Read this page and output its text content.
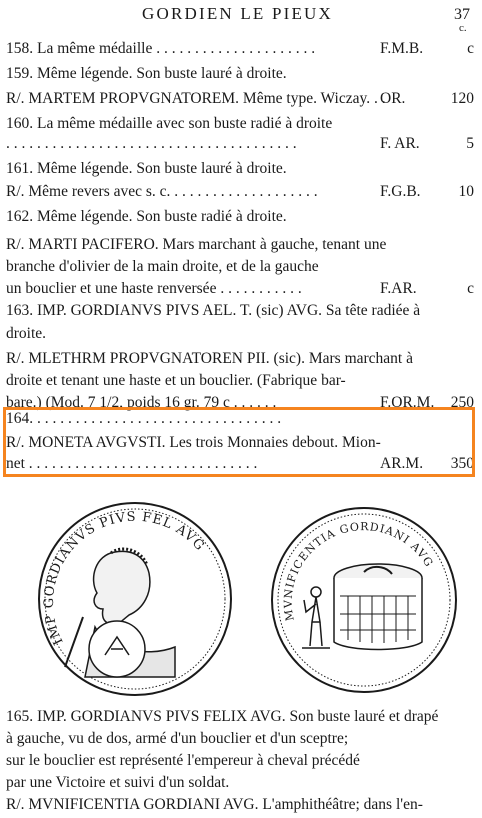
GORDIEN LE PIEUX	37
c.
158. La même médaille . . . . . . . . . . . . . . . . . . . . .	F.M.B.	c
159. Même légende. Son buste lauré à droite.
R/. MARTEM PROPVGNATOREM. Même type. Wiczay. . .
OR.	120
160. La même médaille avec son buste radié à droite
. . . . . . . . . . . . . . . . . . . . . . . . . . . . . . . . . . . . . .	F. AR.	5
161. Même légende. Son buste lauré à droite.
R/. Même revers avec s. c. . . . . . . . . . . . . . . . . . . .	F.G.B.	10
162. Même légende. Son buste radié à droite.
R/. MARTI PACIFERO. Mars marchant à gauche, tenant une
branche d'olivier de la main droite, et de la gauche
un bouclier et une haste renversée . . . . . . . . . . .	F.AR.	c
163. IMP. GORDIANVS PIVS AEL. T. (sic) AVG. Sa tête radiée à
droite.
R/. MLETHRM PROPVGNATOREN PII. (sic). Mars marchant à
droite et tenant une haste et un bouclier. (Fabrique bar-
bare.) (Mod. 7 1/2, poids 16 gr. 79 c . . . . . .	F.OR.M.	250
164. . . . . . . . . . . . . . . . . . . . . . . . . . . . . . . . .
R/. MONETA AVGVSTI. Les trois Monnaies debout. Mion-
net . . . . . . . . . . . . . . . . . . . . . . . . . . . . . .	AR.M.	350
IMP GORDIANVS PIVS FEL AVG
MVNIFICENTIA GORDIANI AVG
165. IMP. GORDIANVS PIVS FELIX AVG. Son buste lauré et drapé
à gauche, vu de dos, armé d'un bouclier et d'un sceptre;
sur le bouclier est représenté l'empereur à cheval précédé
par une Victoire et suivi d'un soldat.
R/. MVNIFICENTIA GORDIANI AVG. L'amphithéâtre; dans l'en-
